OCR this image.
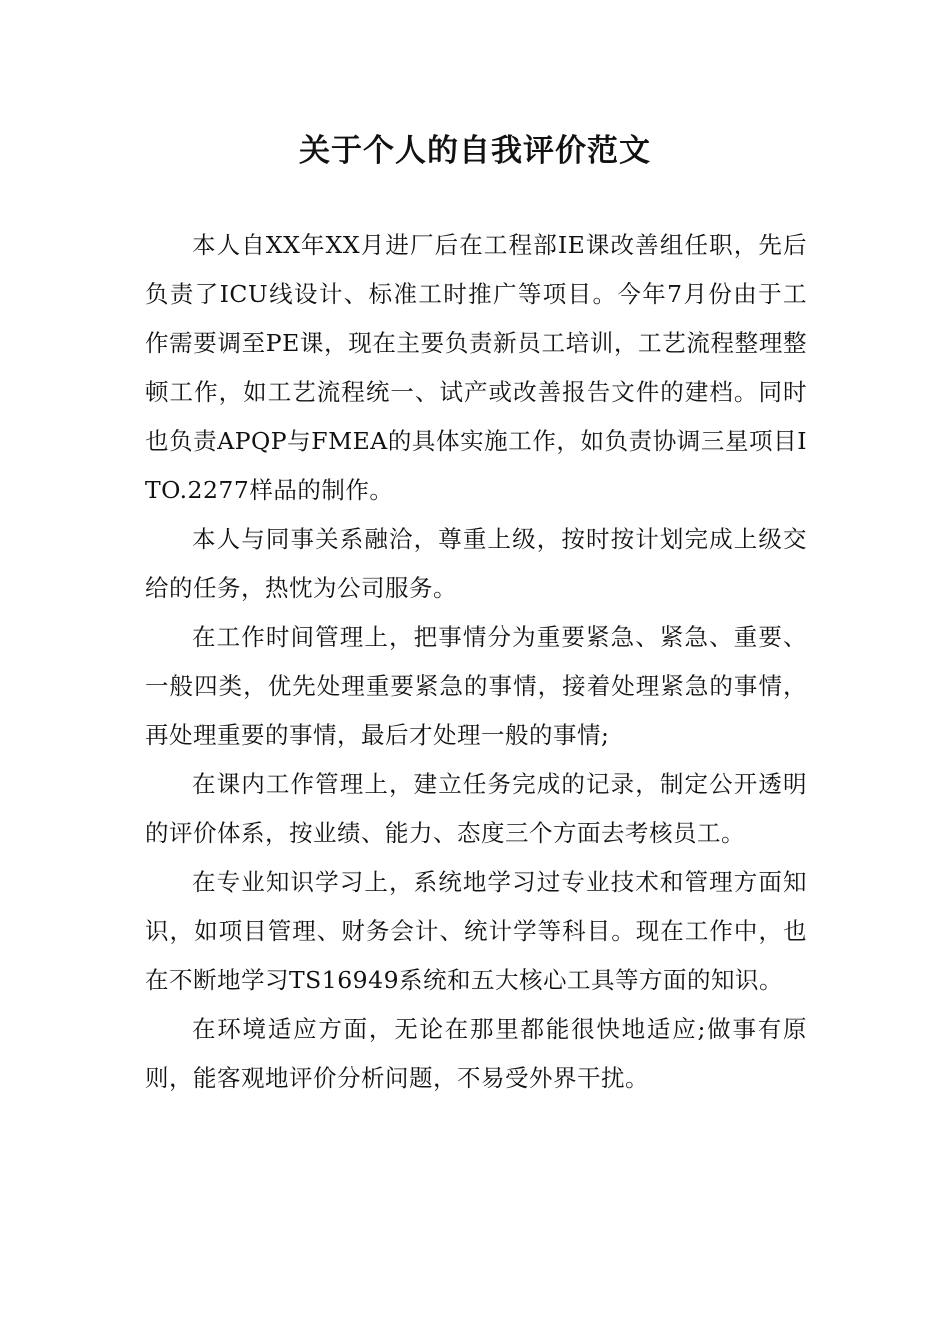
关于个人的自我评价范文

本人自XX年XX月进厂后在工程部IE课改善组任职，先后负责了ICU线设计、标准工时推广等项目。今年7月份由于工作需要调至PE课，现在主要负责新员工培训，工艺流程整理整顿工作，如工艺流程统一、试产或改善报告文件的建档。同时也负责APQP与FMEA的具体实施工作，如负责协调三星项目ITO.2277样品的制作。

本人与同事关系融洽，尊重上级，按时按计划完成上级交给的任务，热忱为公司服务。

在工作时间管理上，把事情分为重要紧急、紧急、重要、一般四类，优先处理重要紧急的事情，接着处理紧急的事情，再处理重要的事情，最后才处理一般的事情;

在课内工作管理上，建立任务完成的记录，制定公开透明的评价体系，按业绩、能力、态度三个方面去考核员工。

在专业知识学习上，系统地学习过专业技术和管理方面知识，如项目管理、财务会计、统计学等科目。现在工作中，也在不断地学习TS16949系统和五大核心工具等方面的知识。

在环境适应方面，无论在那里都能很快地适应;做事有原则，能客观地评价分析问题，不易受外界干扰。
